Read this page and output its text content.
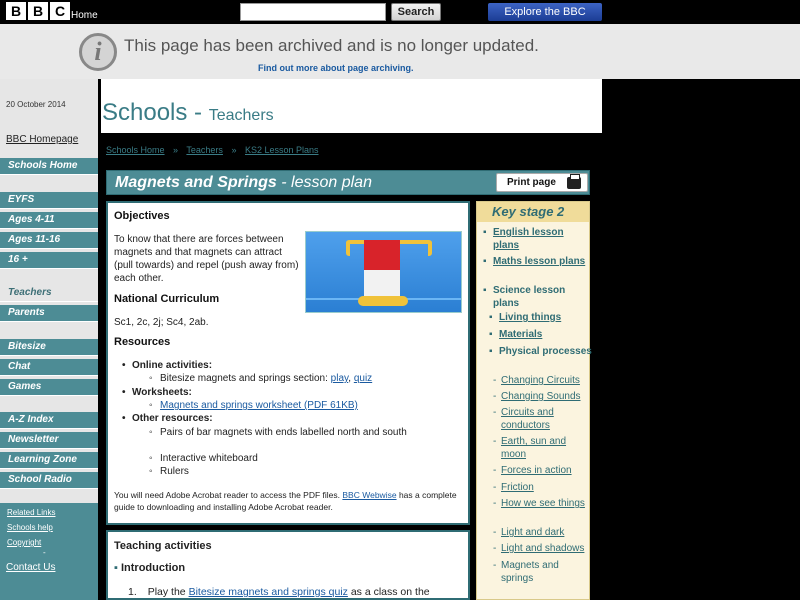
B B C Home	Search	Explore the BBC
i	This page has been archived and is no longer updated.
Find out more about page archiving.
20 October 2014
BBC Homepage
Schools Home
EYFS
Ages 4-11
Ages 11-16
16 +
Teachers
Parents
Bitesize
Chat
Games
A-Z Index
Newsletter
Learning Zone
School Radio
Related Links
Schools help
Copyright
-
Contact Us
Schools - Teachers
Schools Home » Teachers » KS2 Lesson Plans
Magnets and Springs - lesson plan	Print page
Objectives
To know that there are forces between magnets and that magnets can attract (pull towards) and repel (push away from) each other.
National Curriculum
Sc1, 2c, 2j; Sc4, 2ab.
Resources
• Online activities:
◦ Bitesize magnets and springs section: play, quiz
• Worksheets:
◦ Magnets and springs worksheet (PDF 61KB)
• Other resources:
◦ Pairs of bar magnets with ends labelled north and south
◦ Interactive whiteboard
◦ Rulers
You will need Adobe Acrobat reader to access the PDF files. BBC Webwise has a complete guide to downloading and installing Adobe Acrobat reader.
Teaching activities
▪ Introduction
1. Play the Bitesize magnets and springs quiz as a class on the
Key stage 2
▪ English lesson plans
▪ Maths lesson plans
▪ Science lesson plans
▪ Living things
▪ Materials
▪ Physical processes
- Changing Circuits
- Changing Sounds
- Circuits and conductors
- Earth, sun and moon
- Forces in action
- Friction
- How we see things
- Light and dark
- Light and shadows
- Magnets and springs
